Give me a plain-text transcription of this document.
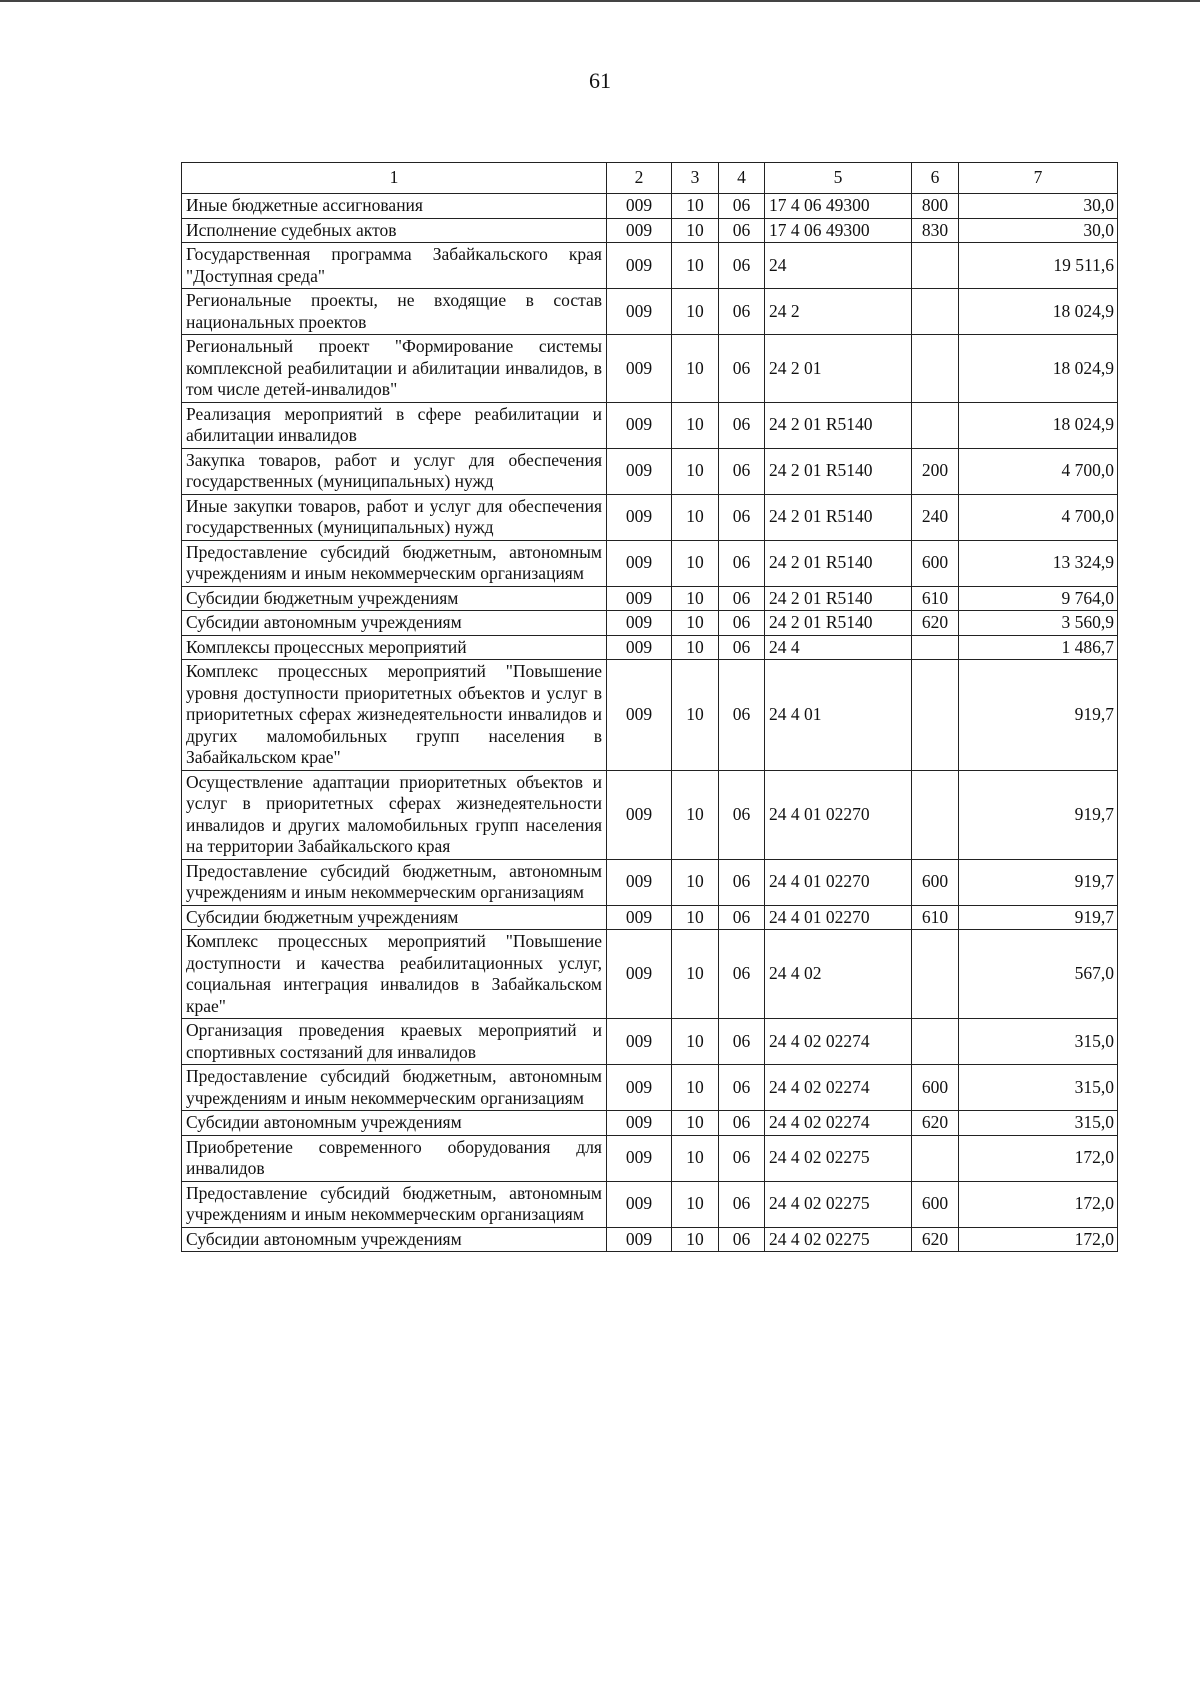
61
1	2	3	4	5	6	7
Иные бюджетные ассигнования	009	10	06	17 4 06 49300	800	30,0
Исполнение судебных актов	009	10	06	17 4 06 49300	830	30,0
Государственная программа Забайкальского края "Доступная среда"	009	10	06	24		19 511,6
Региональные проекты, не входящие в состав национальных проектов	009	10	06	24 2		18 024,9
Региональный проект "Формирование системы комплексной реабилитации и абилитации инвалидов, в том числе детей-инвалидов"	009	10	06	24 2 01		18 024,9
Реализация мероприятий в сфере реабилитации и абилитации инвалидов	009	10	06	24 2 01 R5140		18 024,9
Закупка товаров, работ и услуг для обеспечения государственных (муниципальных) нужд	009	10	06	24 2 01 R5140	200	4 700,0
Иные закупки товаров, работ и услуг для обеспечения государственных (муниципальных) нужд	009	10	06	24 2 01 R5140	240	4 700,0
Предоставление субсидий бюджетным, автономным учреждениям и иным некоммерческим организациям	009	10	06	24 2 01 R5140	600	13 324,9
Субсидии бюджетным учреждениям	009	10	06	24 2 01 R5140	610	9 764,0
Субсидии автономным учреждениям	009	10	06	24 2 01 R5140	620	3 560,9
Комплексы процессных мероприятий	009	10	06	24 4		1 486,7
Комплекс процессных мероприятий "Повышение уровня доступности приоритетных объектов и услуг в приоритетных сферах жизнедеятельности инвалидов и других маломобильных групп населения в Забайкальском крае"	009	10	06	24 4 01		919,7
Осуществление адаптации приоритетных объектов и услуг в приоритетных сферах жизнедеятельности инвалидов и других маломобильных групп населения на территории Забайкальского края	009	10	06	24 4 01 02270		919,7
Предоставление субсидий бюджетным, автономным учреждениям и иным некоммерческим организациям	009	10	06	24 4 01 02270	600	919,7
Субсидии бюджетным учреждениям	009	10	06	24 4 01 02270	610	919,7
Комплекс процессных мероприятий "Повышение доступности и качества реабилитационных услуг, социальная интеграция инвалидов в Забайкальском крае"	009	10	06	24 4 02		567,0
Организация проведения краевых мероприятий и спортивных состязаний для инвалидов	009	10	06	24 4 02 02274		315,0
Предоставление субсидий бюджетным, автономным учреждениям и иным некоммерческим организациям	009	10	06	24 4 02 02274	600	315,0
Субсидии автономным учреждениям	009	10	06	24 4 02 02274	620	315,0
Приобретение современного оборудования для инвалидов	009	10	06	24 4 02 02275		172,0
Предоставление субсидий бюджетным, автономным учреждениям и иным некоммерческим организациям	009	10	06	24 4 02 02275	600	172,0
Субсидии автономным учреждениям	009	10	06	24 4 02 02275	620	172,0
